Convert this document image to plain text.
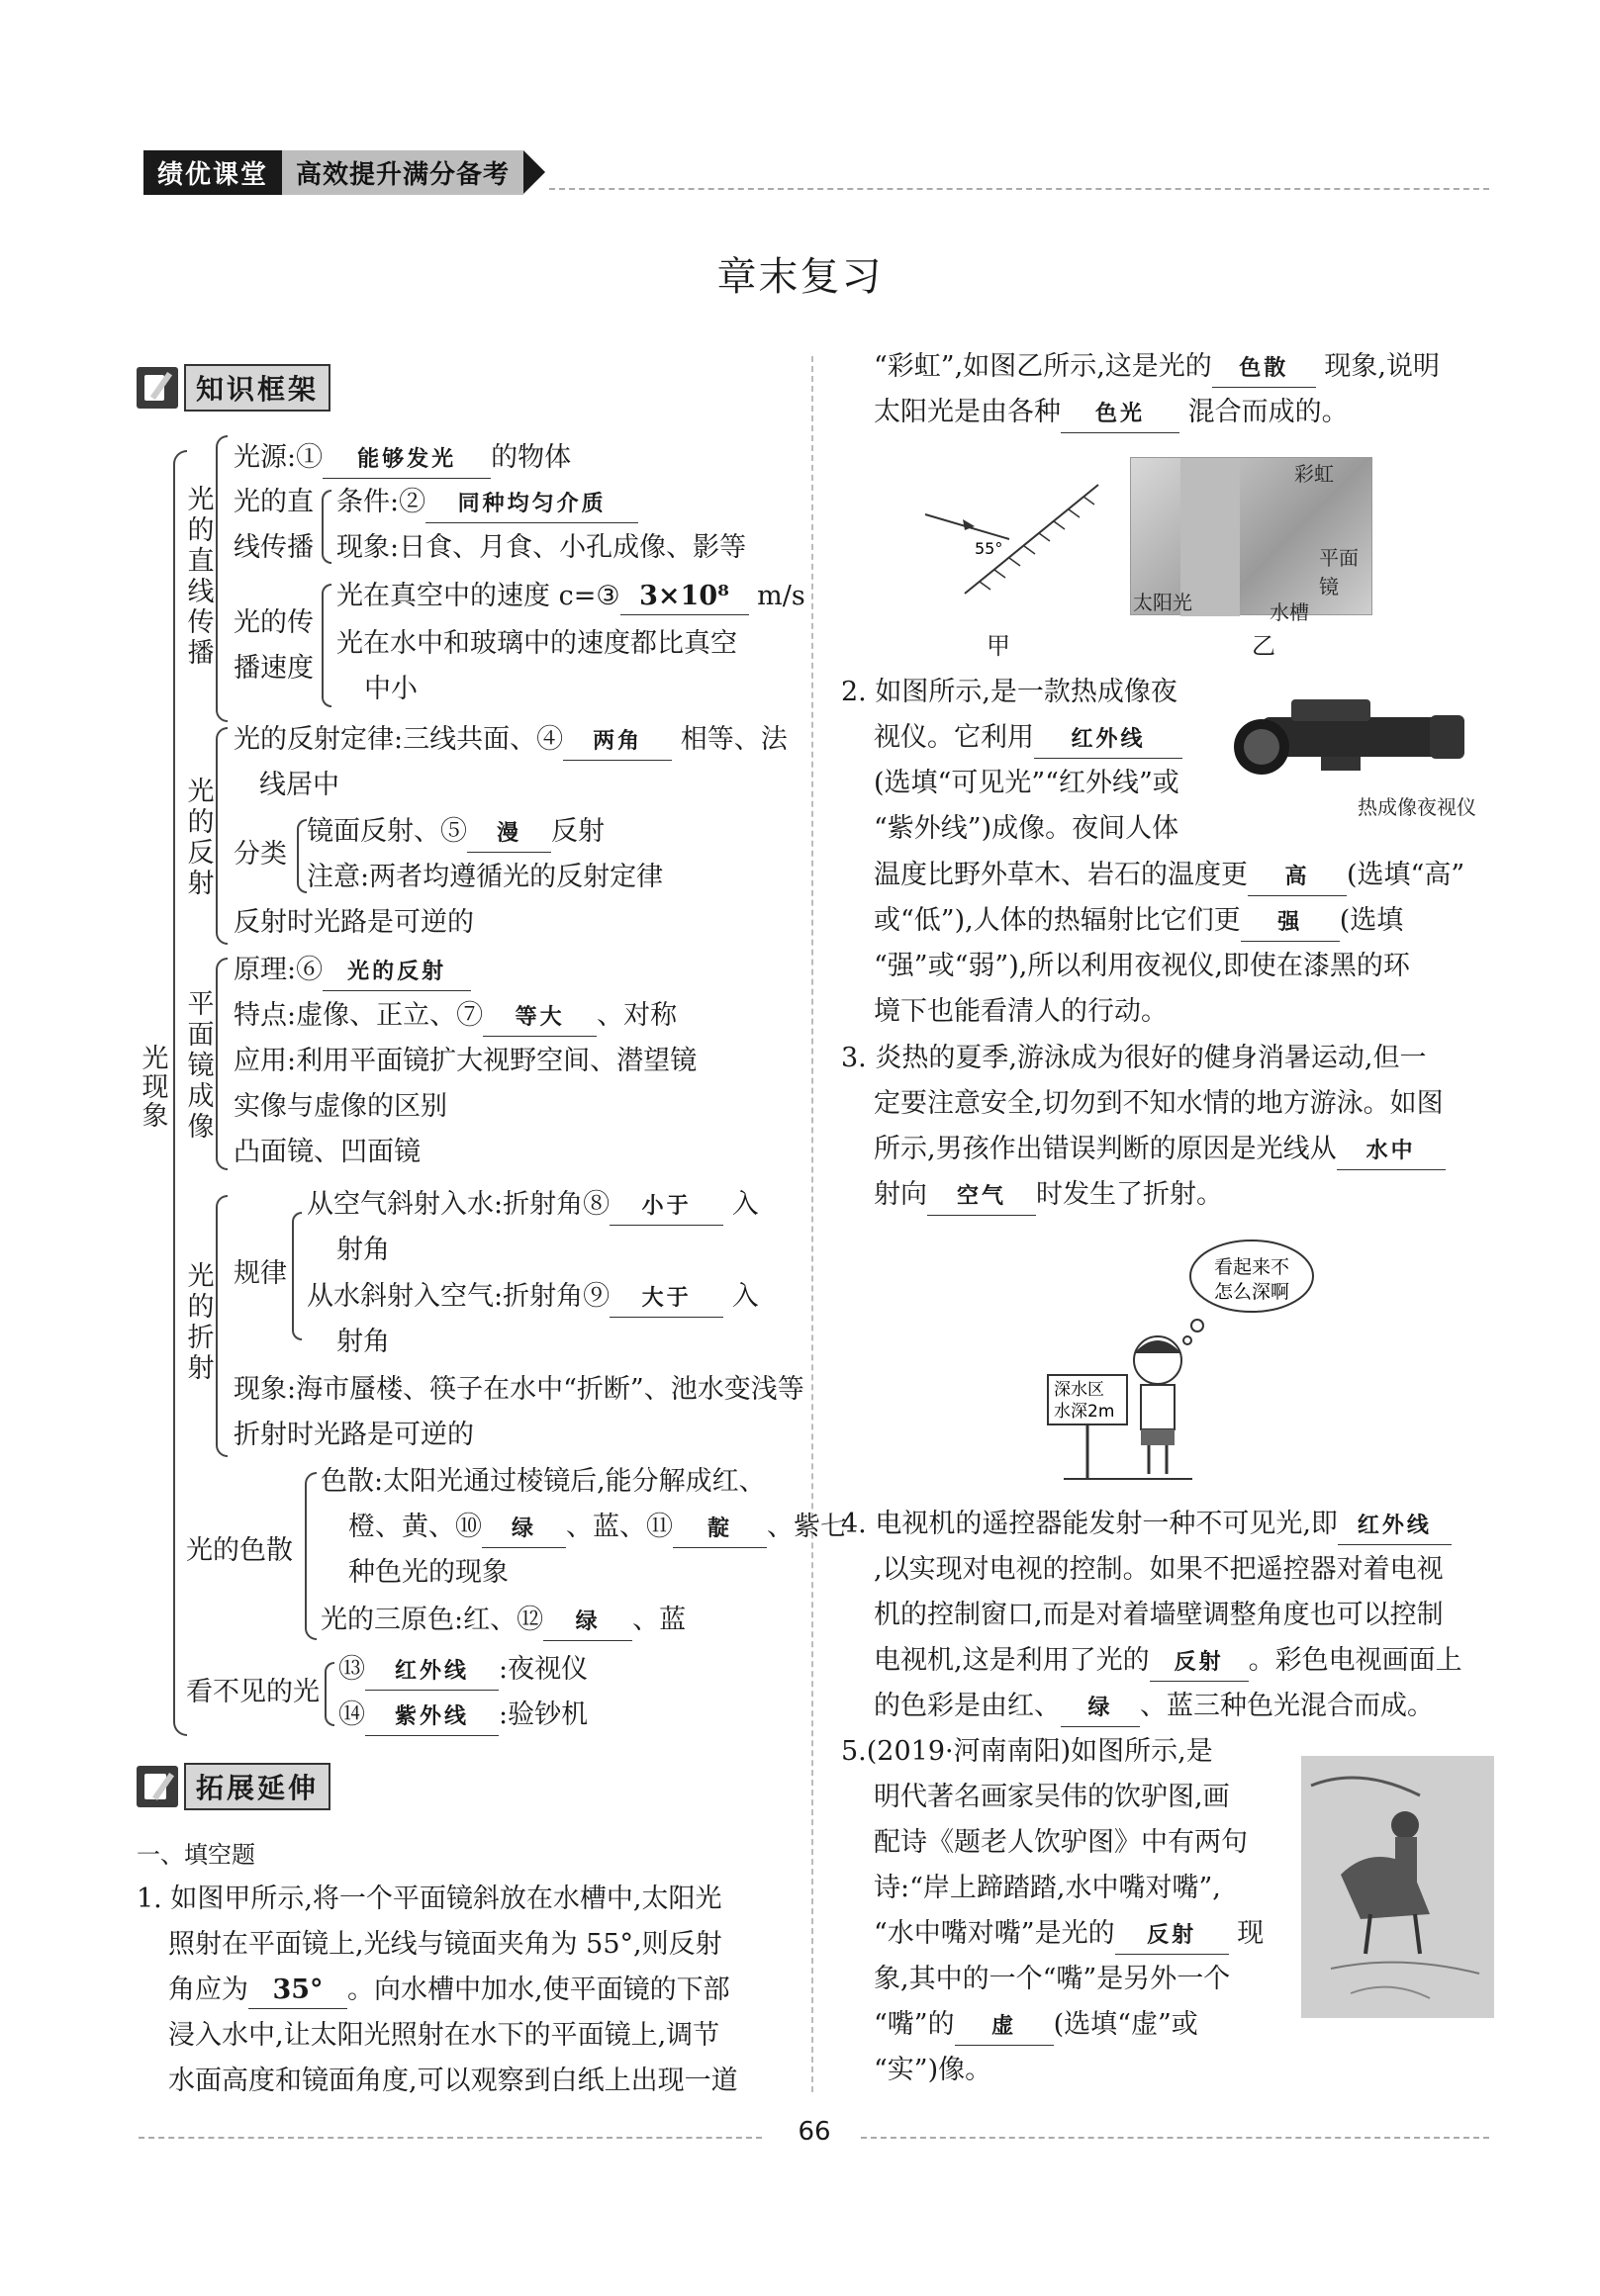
绩优课堂	高效提升满分备考
章末复习
知识框架
光现象
光的直线传播
光源:① 能够发光 的物体
光的直
线传播
条件:② 同种均匀介质
现象:日食、月食、小孔成像、影等
光的传
播速度
光在真空中的速度 c=③ 3×10⁸ m/s
光在水中和玻璃中的速度都比真空
中小
光的反射
光的反射定律:三线共面、④ 两角 相等、法
线居中
分类
镜面反射、⑤ 漫 反射
注意:两者均遵循光的反射定律
反射时光路是可逆的
平面镜成像
原理:⑥ 光的反射
特点:虚像、正立、⑦ 等大 、对称
应用:利用平面镜扩大视野空间、潜望镜
实像与虚像的区别
凸面镜、凹面镜
光的折射
规律
从空气斜射入水:折射角⑧ 小于 入
射角
从水斜射入空气:折射角⑨ 大于 入
射角
现象:海市蜃楼、筷子在水中“折断”、池水变浅等
折射时光路是可逆的
光的色散
色散:太阳光通过棱镜后,能分解成红、
橙、黄、⑩ 绿 、蓝、⑪ 靛 、紫七
种色光的现象
光的三原色:红、⑫ 绿 、蓝
看不见的光
⑬ 红外线 :夜视仪
⑭ 紫外线 :验钞机
拓展延伸
一、填空题
1. 如图甲所示,将一个平面镜斜放在水槽中,太阳光
照射在平面镜上,光线与镜面夹角为 55°,则反射
角应为 35° 。向水槽中加水,使平面镜的下部
浸入水中,让太阳光照射在水下的平面镜上,调节
水面高度和镜面角度,可以观察到白纸上出现一道
“彩虹”,如图乙所示,这是光的 色散 现象,说明
太阳光是由各种 色光 混合而成的。
55°
彩虹
平面镜
太阳光	水槽
甲	乙
2. 如图所示,是一款热成像夜
视仪。它利用 红外线
(选填“可见光”“红外线”或
“紫外线”)成像。夜间人体
热成像夜视仪
温度比野外草木、岩石的温度更 高 (选填“高”
或“低”),人体的热辐射比它们更 强 (选填
“强”或“弱”),所以利用夜视仪,即使在漆黑的环
境下也能看清人的行动。
3. 炎热的夏季,游泳成为很好的健身消暑运动,但一
定要注意安全,切勿到不知水情的地方游泳。如图
所示,男孩作出错误判断的原因是光线从 水中
射向 空气 时发生了折射。
看起来不
怎么深啊
深水区
水深2m
4. 电视机的遥控器能发射一种不可见光,即 红外线
,以实现对电视的控制。如果不把遥控器对着电视
机的控制窗口,而是对着墙壁调整角度也可以控制
电视机,这是利用了光的 反射 。彩色电视画面上
的色彩是由红、 绿 、蓝三种色光混合而成。
5.(2019·河南南阳)如图所示,是
明代著名画家吴伟的饮驴图,画
配诗《题老人饮驴图》中有两句
诗:“岸上蹄踏踏,水中嘴对嘴”,
“水中嘴对嘴”是光的 反射 现
象,其中的一个“嘴”是另外一个
“嘴”的 虚 (选填“虚”或
“实”)像。
66
